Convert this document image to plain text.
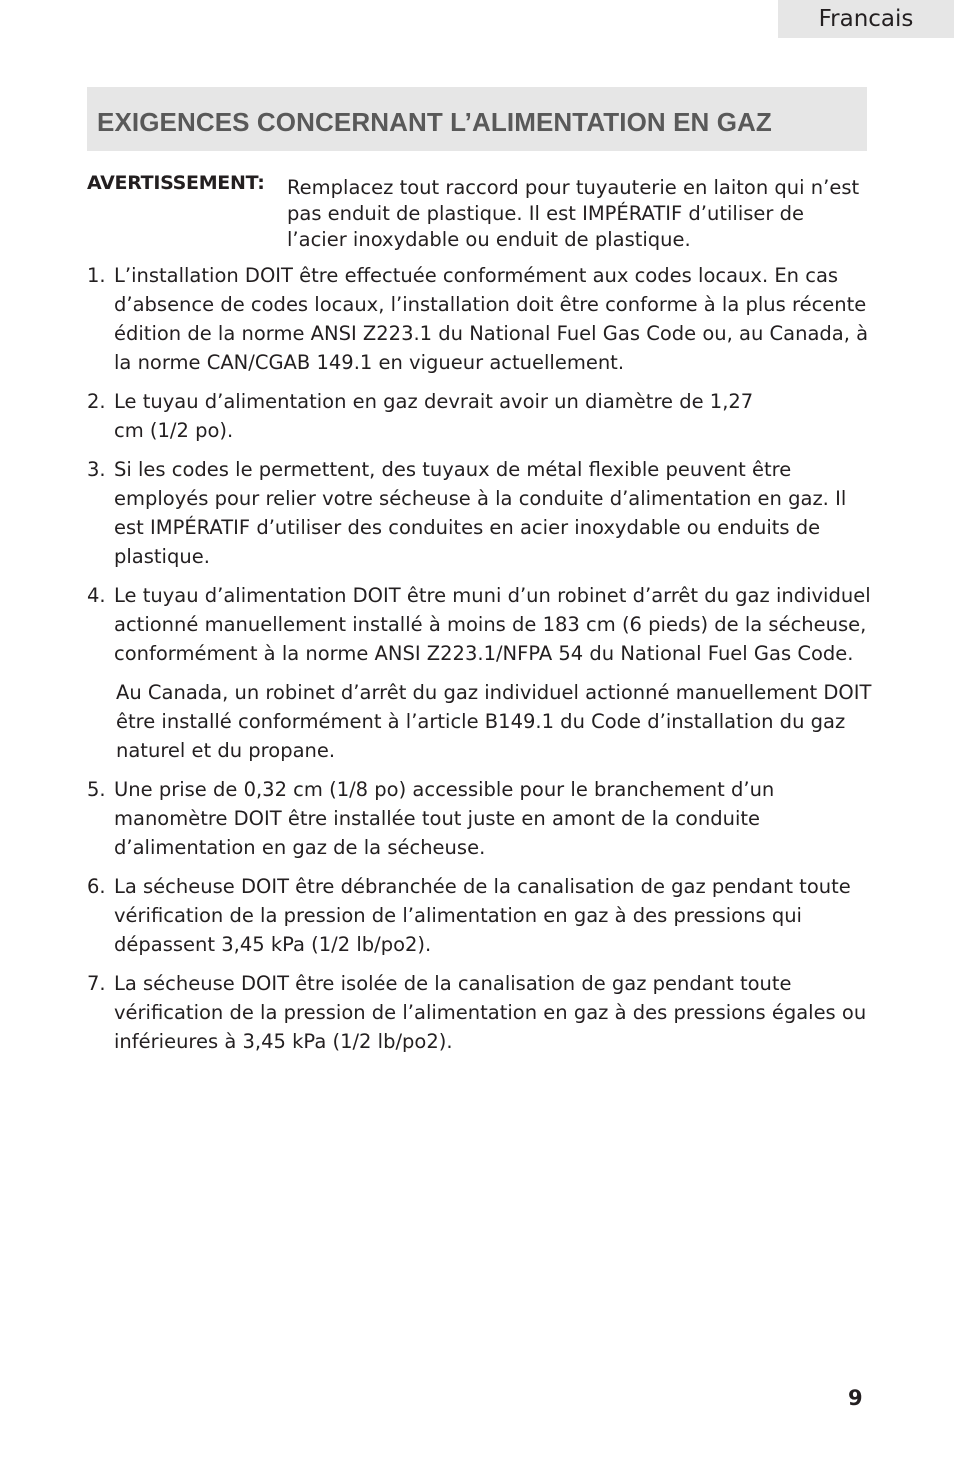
Francais
EXIGENCES CONCERNANT L’ALIMENTATION EN GAZ
AVERTISSEMENT: Remplacez tout raccord pour tuyauterie en laiton qui n’est pas enduit de plastique. Il est IMPÉRATIF d’utiliser de l’acier inoxydable ou enduit de plastique.
1. L’installation DOIT être effectuée conformément aux codes locaux. En cas d’absence de codes locaux, l’installation doit être conforme à la plus récente édition de la norme ANSI Z223.1 du National Fuel Gas Code ou, au Canada, à la norme CAN/CGAB 149.1 en vigueur actuellement.
2. Le tuyau d’alimentation en gaz devrait avoir un diamètre de 1,27 cm (1/2 po).
3. Si les codes le permettent, des tuyaux de métal flexible peuvent être employés pour relier votre sécheuse à la conduite d’alimentation en gaz. Il est IMPÉRATIF d’utiliser des conduites en acier inoxydable ou enduits de plastique.
4. Le tuyau d’alimentation DOIT être muni d’un robinet d’arrêt du gaz individuel actionné manuellement installé à moins de 183 cm (6 pieds) de la sécheuse, conformément à la norme ANSI Z223.1/NFPA 54 du National Fuel Gas Code.
Au Canada, un robinet d’arrêt du gaz individuel actionné manuellement DOIT être installé conformément à l’article B149.1 du Code d’installation du gaz naturel et du propane.
5. Une prise de 0,32 cm (1/8 po) accessible pour le branchement d’un manomètre DOIT être installée tout juste en amont de la conduite d’alimentation en gaz de la sécheuse.
6. La sécheuse DOIT être débranchée de la canalisation de gaz pendant toute vérification de la pression de l’alimentation en gaz à des pressions qui dépassent 3,45 kPa (1/2 lb/po2).
7. La sécheuse DOIT être isolée de la canalisation de gaz pendant toute vérification de la pression de l’alimentation en gaz à des pressions égales ou inférieures à 3,45 kPa (1/2 lb/po2).
9
